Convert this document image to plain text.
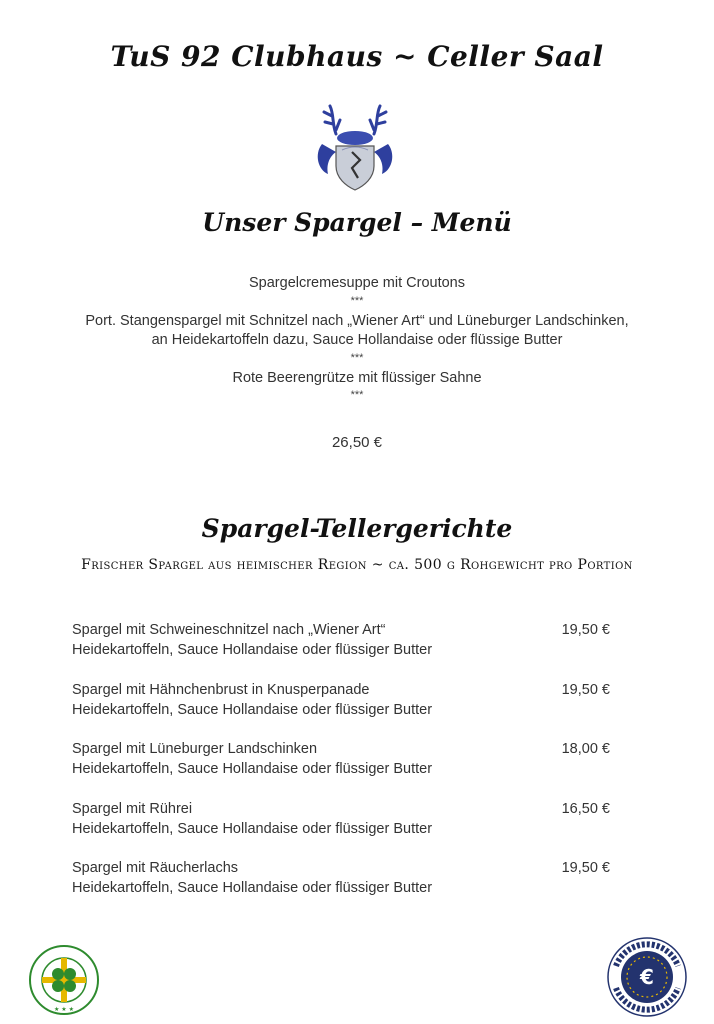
TuS 92 Clubhaus ~ Celler Saal
Unser Spargel – Menü
Spargelcremesuppe mit Croutons
***
Port. Stangenspargel mit Schnitzel nach „Wiener Art“ und Lüneburger Landschinken,
an Heidekartoffeln dazu, Sauce Hollandaise oder flüssige Butter
***
Rote Beerengrütze mit flüssiger Sahne
***
26,50 €
Spargel-Tellergerichte
Frischer Spargel aus heimischer Region ~ ca. 500 g Rohgewicht pro Portion
Spargel mit Schweineschnitzel nach „Wiener Art“
Heidekartoffeln, Sauce Hollandaise oder flüssiger Butter
19,50 €
Spargel mit Hähnchenbrust in Knusperpanade
Heidekartoffeln, Sauce Hollandaise oder flüssiger Butter
19,50 €
Spargel mit Lüneburger Landschinken
Heidekartoffeln, Sauce Hollandaise oder flüssiger Butter
18,00 €
Spargel mit Rührei
Heidekartoffeln, Sauce Hollandaise oder flüssiger Butter
16,50 €
Spargel mit Räucherlachs
Heidekartoffeln, Sauce Hollandaise oder flüssiger Butter
19,50 €
★ ★ ★
€
